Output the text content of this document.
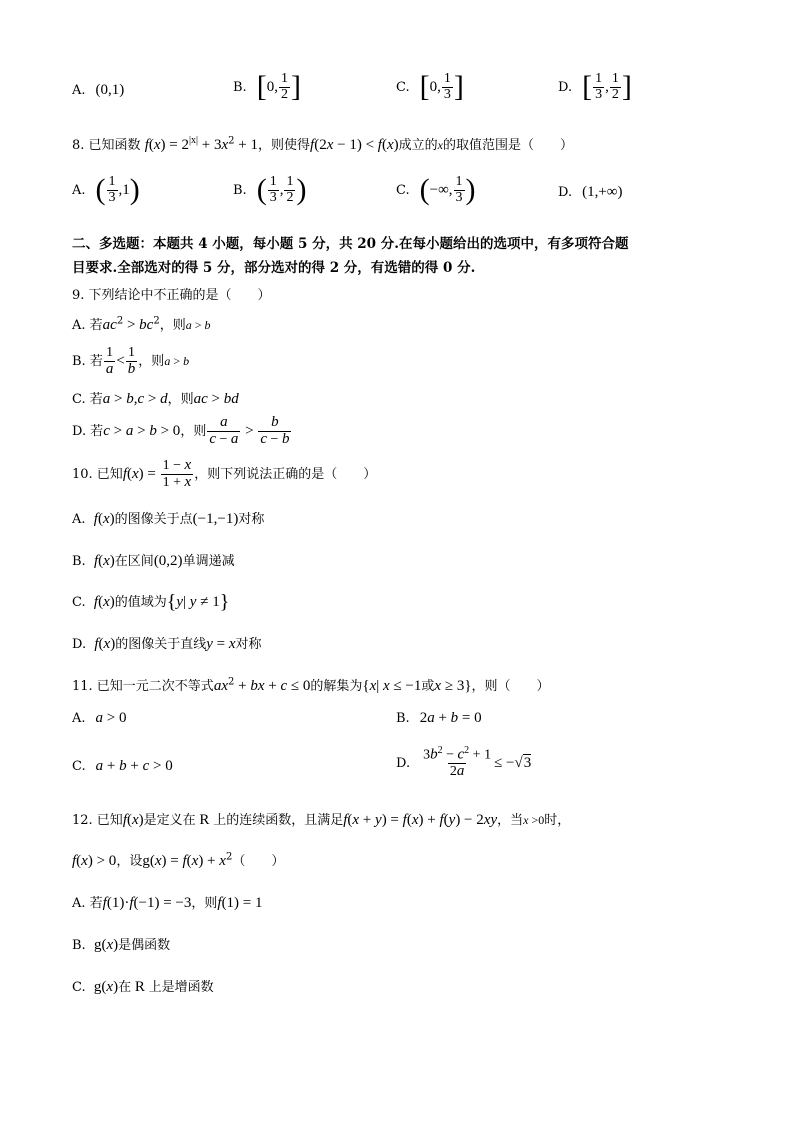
A. (0,1)	B. [ 0, $\frac{1}{2}$ ]	C. [ 0, $\frac{1}{3}$ ]	D. [ $\frac{1}{3}$ , $\frac{1}{2}$ ]
8. 已知函数 $f(x) = 2^{|x|} + 3x^2 + 1$，则使得f(2x − 1) < f(x)成立的x的取值范围是（　　）
A. ( $\frac{1}{3} ,1$ )	B. ( $\frac{1}{3}$ , $\frac{1}{2}$ )	C. ( −∞, $\frac{1}{3}$ )	D. (1,+∞)
二、多选题：本题共 4 小题，每小题 5 分，共 20 分.在每小题给出的选项中，有多项符合题
目要求.全部选对的得 5 分，部分选对的得 2 分，有选错的得 0 分.
9. 下列结论中不正确的是（　　）
A. 若$ac^2 > bc^2$，则a > b
B. 若 $\frac{1}{a} < \frac{1}{b}$ ，则a > b
C. 若a > b,c > d，则ac > bd
D. 若c > a > b > 0，则 $\frac{a}{c - a} > \frac{b}{c - b}$
10. 已知$f(x) = \frac{1 - x}{1 + x}$ ，则下列说法正确的是（　　）
A. f(x)的图像关于点(−1,−1)对称
B. f(x)在区间(0,2)单调递减
C. f(x)的值域为{y| y ≠ 1}
D. f(x)的图像关于直线y = x对称
11. 已知一元二次不等式$ax^2$ + bx + c ≤ 0的解集为{x| x ≤ −1或x ≥ 3}，则（　　）
A. a > 0	B. 2 a + b = 0
C. a + b + c > 0	D. $\frac{3b^2 - c^2 + 1}{2a} \le -√3$
12. 已知f(x)是定义在 R 上的连续函数，且满足f(x + y) = f(x) + f(y) − 2xy，当x >0时，
f(x) > 0，设$g(x) = f(x) + x^2$（　　）
A. 若f(1)·f(−1) = −3，则f(1) = 1
B. g(x)是偶函数
C. g(x)在 R 上是增函数
